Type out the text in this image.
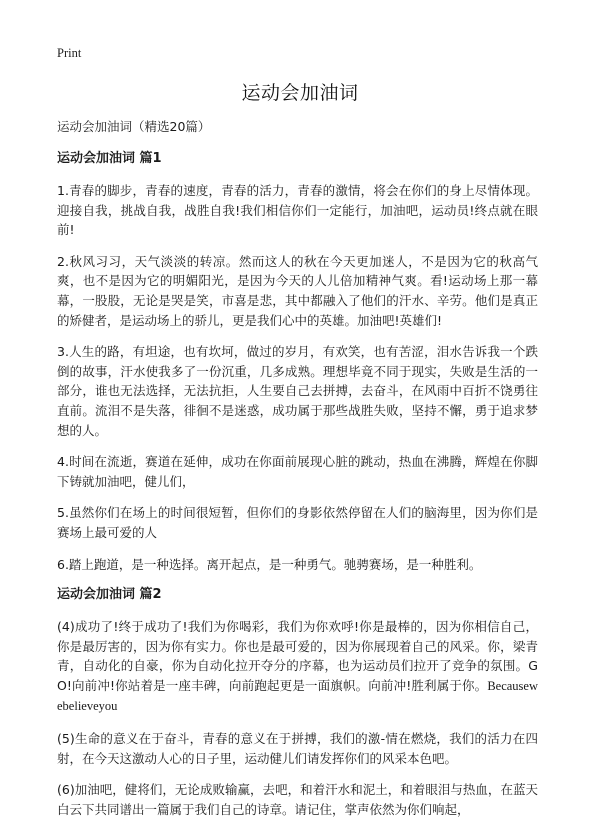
Print
运动会加油词
运动会加油词（精选20篇）
运动会加油词 篇1

1.青春的脚步，青春的速度，青春的活力，青春的激情，将会在你们的身上尽情体现。迎接自我，挑战自我，战胜自我!我们相信你们一定能行，加油吧，运动员!终点就在眼前!

2.秋风习习，天气淡淡的转凉。然而这人的秋在今天更加迷人，不是因为它的秋高气爽，也不是因为它的明媚阳光，是因为今天的人儿倍加精神气爽。看!运动场上那一幕幕，一股股，无论是哭是笑，市喜是悲，其中都融入了他们的汗水、辛劳。他们是真正的矫健者，是运动场上的骄儿，更是我们心中的英雄。加油吧!英雄们!

3.人生的路，有坦途，也有坎坷，做过的岁月，有欢笑，也有苦涩，泪水告诉我一个跌倒的故事，汗水使我多了一份沉重，几多成熟。理想毕竟不同于现实，失败是生活的一部分，谁也无法选择，无法抗拒，人生要自己去拼搏，去奋斗，在风雨中百折不饶勇往直前。流泪不是失落，徘徊不是迷惑，成功属于那些战胜失败，坚持不懈，勇于追求梦想的人。

4.时间在流逝，赛道在延伸，成功在你面前展现心脏的跳动，热血在沸腾，辉煌在你脚下铸就加油吧，健儿们，

5.虽然你们在场上的时间很短暂，但你们的身影依然停留在人们的脑海里，因为你们是赛场上最可爱的人

6.踏上跑道，是一种选择。离开起点，是一种勇气。驰骋赛场，是一种胜利。

运动会加油词 篇2

(4)成功了!终于成功了!我们为你喝彩，我们为你欢呼!你是最棒的，因为你相信自己，你是最厉害的，因为你有实力。你也是最可爱的，因为你展现着自己的风采。你，梁青青，自动化的自豪，你为自动化拉开夺分的序幕，也为运动员们拉开了竞争的氛围。GO!向前冲!你站着是一座丰碑，向前跑起更是一面旗帜。向前冲!胜利属于你。Becausewebelieveyou

(5)生命的意义在于奋斗，青春的意义在于拼搏，我们的激-情在燃烧，我们的活力在四射，在今天这激动人心的日子里，运动健儿们请发挥你们的风采本色吧。

(6)加油吧，健将们，无论成败输赢，去吧，和着汗水和泥土，和着眼泪与热血，在蓝天白云下共同谱出一篇属于我们自己的诗章。请记住，掌声依然为你们响起，
